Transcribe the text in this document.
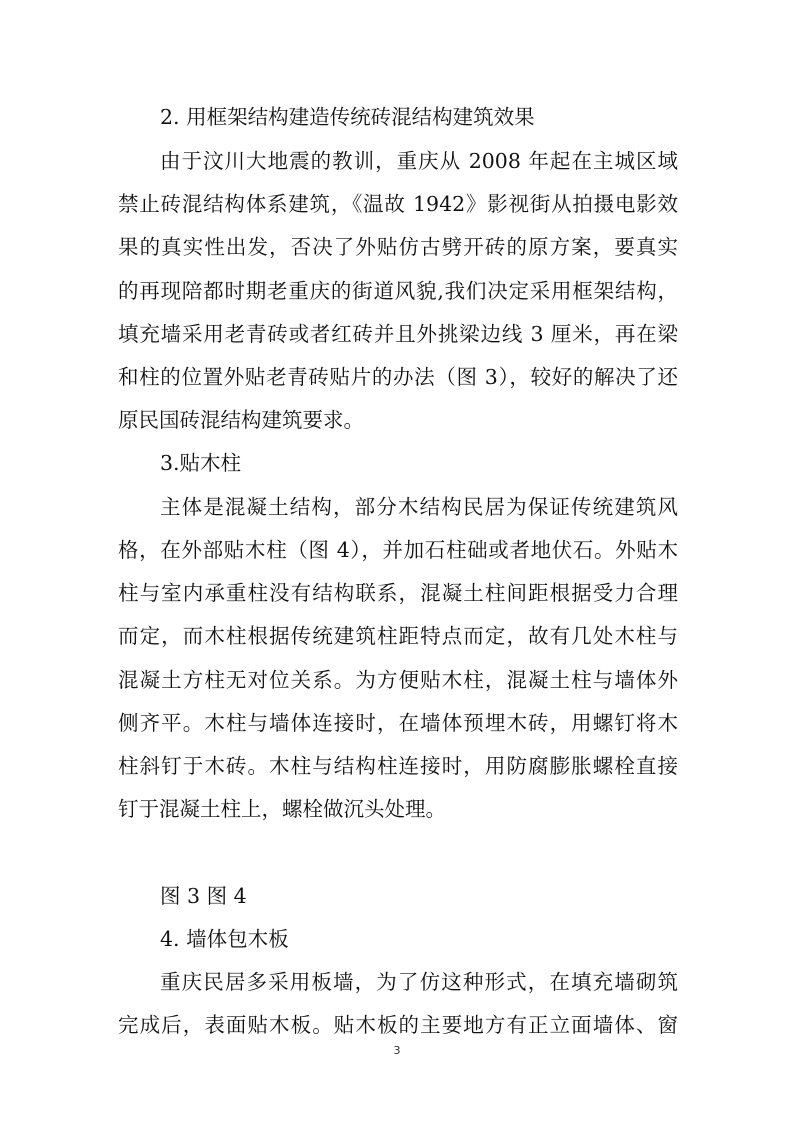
2. 用框架结构建造传统砖混结构建筑效果
由于汶川大地震的教训，重庆从 2008 年起在主城区域
禁止砖混结构体系建筑，《温故 1942》影视街从拍摄电影效
果的真实性出发，否决了外贴仿古劈开砖的原方案，要真实
的再现陪都时期老重庆的街道风貌,我们决定采用框架结构，
填充墙采用老青砖或者红砖并且外挑梁边线 3 厘米，再在梁
和柱的位置外贴老青砖贴片的办法（图 3），较好的解决了还
原民国砖混结构建筑要求。
3.贴木柱
主体是混凝土结构，部分木结构民居为保证传统建筑风
格，在外部贴木柱（图 4），并加石柱础或者地伏石。外贴木
柱与室内承重柱没有结构联系，混凝土柱间距根据受力合理
而定，而木柱根据传统建筑柱距特点而定，故有几处木柱与
混凝土方柱无对位关系。为方便贴木柱，混凝土柱与墙体外
侧齐平。木柱与墙体连接时，在墙体预埋木砖，用螺钉将木
柱斜钉于木砖。木柱与结构柱连接时，用防腐膨胀螺栓直接
钉于混凝土柱上，螺栓做沉头处理。
图 3 图 4
4. 墙体包木板
重庆民居多采用板墙，为了仿这种形式，在填充墙砌筑
完成后，表面贴木板。贴木板的主要地方有正立面墙体、窗
3
